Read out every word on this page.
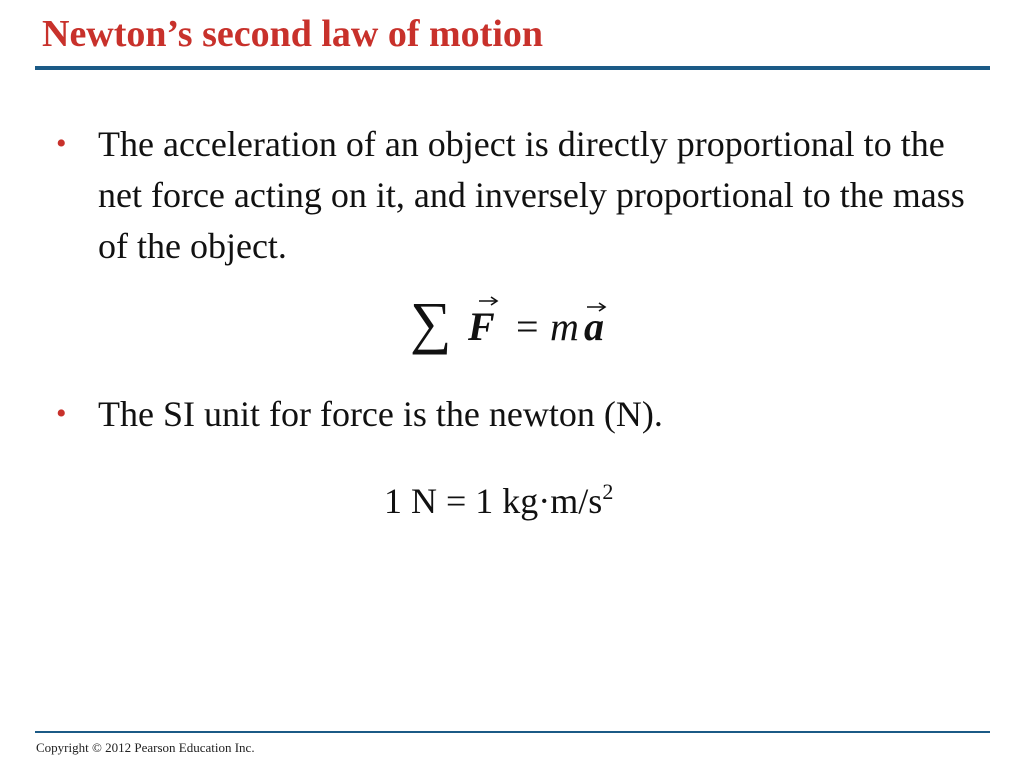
Newton’s second law of motion
• The acceleration of an object is directly proportional to the net force acting on it, and inversely proportional to the mass of the object.
∑ F = m a
• The SI unit for force is the newton (N).
1 N = 1 $kg\cdot m/s^2$
Copyright © 2012 Pearson Education Inc.
